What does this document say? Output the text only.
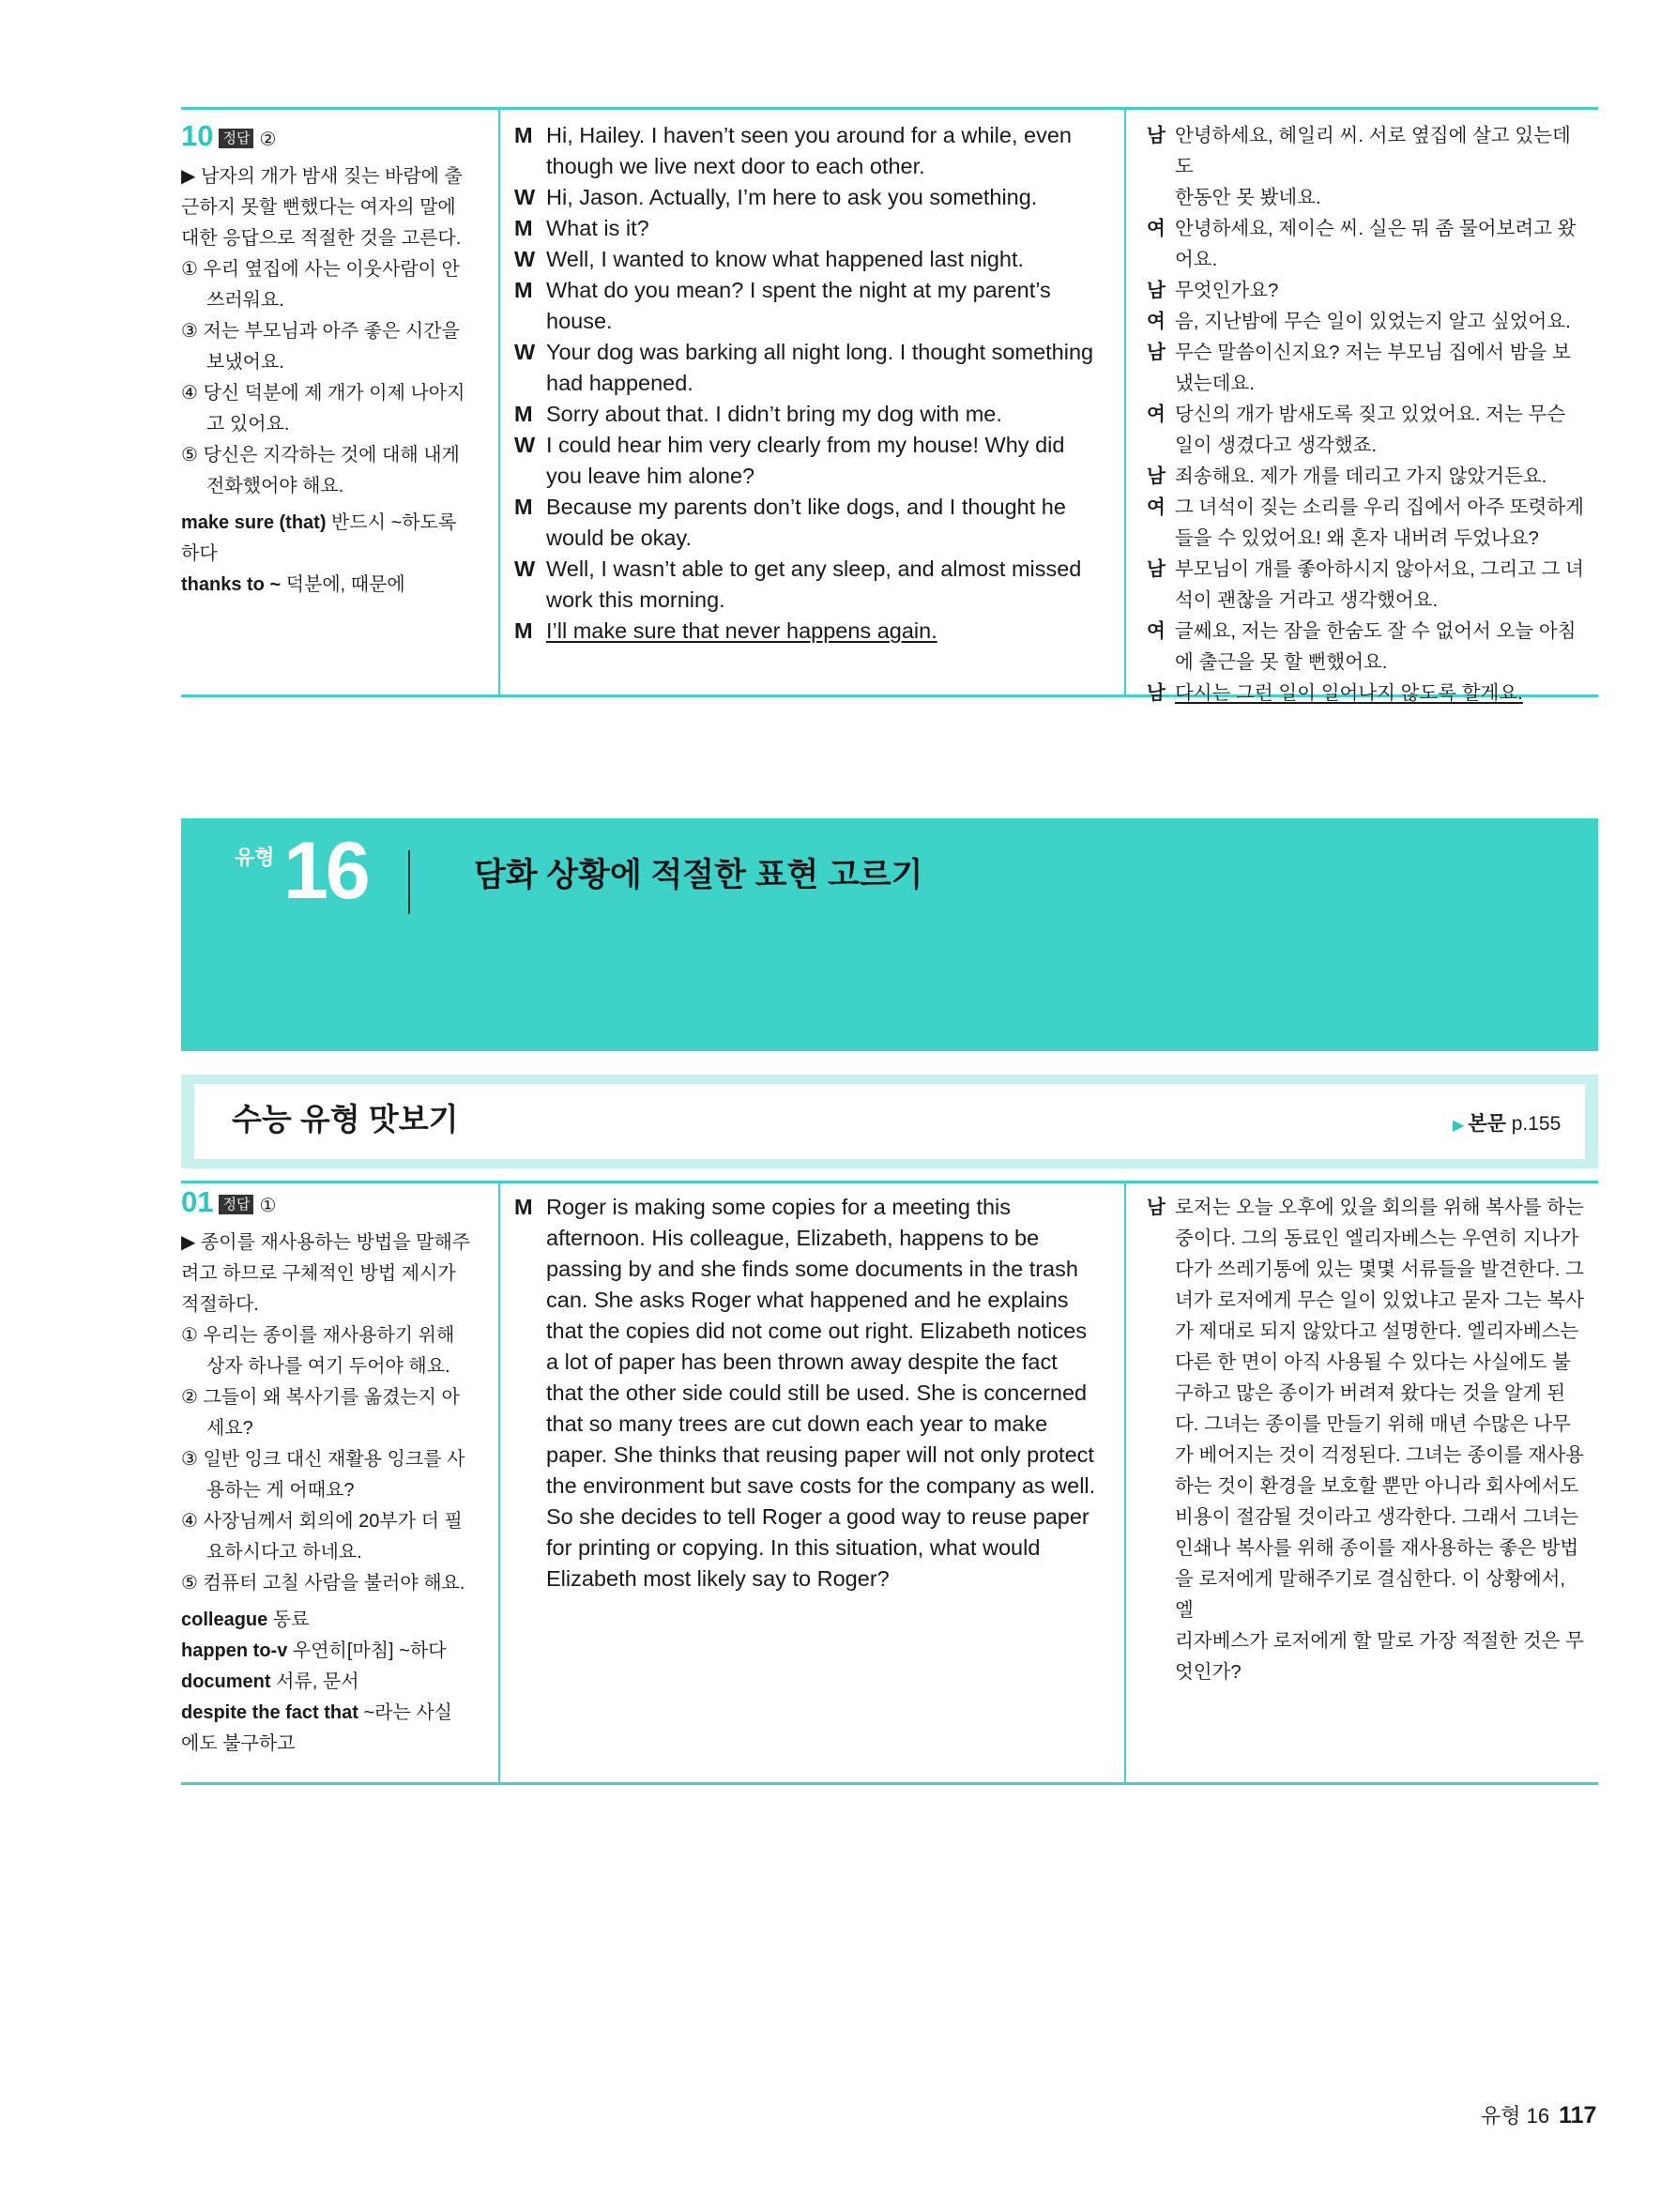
10 정답 ②
▶ 남자의 개가 밤새 짖는 바람에 출
근하지 못할 뻔했다는 여자의 말에
대한 응답으로 적절한 것을 고른다.
① 우리 옆집에 사는 이웃사람이 안
쓰러워요.
③ 저는 부모님과 아주 좋은 시간을
보냈어요.
④ 당신 덕분에 제 개가 이제 나아지
고 있어요.
⑤ 당신은 지각하는 것에 대해 내게
전화했어야 해요.
make sure (that) 반드시 ~하도록
하다
thanks to ~ 덕분에, 때문에
M Hi, Hailey. I haven’t seen you around for a while, even
though we live next door to each other.
W Hi, Jason. Actually, I’m here to ask you something.
M What is it?
W Well, I wanted to know what happened last night.
M What do you mean? I spent the night at my parent’s
house.
W Your dog was barking all night long. I thought something
had happened.
M Sorry about that. I didn’t bring my dog with me.
W I could hear him very clearly from my house! Why did
you leave him alone?
M Because my parents don’t like dogs, and I thought he
would be okay.
W Well, I wasn’t able to get any sleep, and almost missed
work this morning.
M I’ll make sure that never happens again.
남 안녕하세요, 헤일리 씨. 서로 옆집에 살고 있는데도
한동안 못 봤네요.
여 안녕하세요, 제이슨 씨. 실은 뭐 좀 물어보려고 왔
어요.
남 무엇인가요?
여 음, 지난밤에 무슨 일이 있었는지 알고 싶었어요.
남 무슨 말씀이신지요? 저는 부모님 집에서 밤을 보
냈는데요.
여 당신의 개가 밤새도록 짖고 있었어요. 저는 무슨
일이 생겼다고 생각했죠.
남 죄송해요. 제가 개를 데리고 가지 않았거든요.
여 그 녀석이 짖는 소리를 우리 집에서 아주 또렷하게
들을 수 있었어요! 왜 혼자 내버려 두었나요?
남 부모님이 개를 좋아하시지 않아서요, 그리고 그 녀
석이 괜찮을 거라고 생각했어요.
여 글쎄요, 저는 잠을 한숨도 잘 수 없어서 오늘 아침
에 출근을 못 할 뻔했어요.
남 다시는 그런 일이 일어나지 않도록 할게요.
유형 16	담화 상황에 적절한 표현 고르기
수능 유형 맛보기	▶ 본문 p.155
01 정답 ①
▶ 종이를 재사용하는 방법을 말해주
려고 하므로 구체적인 방법 제시가
적절하다.
① 우리는 종이를 재사용하기 위해
상자 하나를 여기 두어야 해요.
② 그들이 왜 복사기를 옮겼는지 아
세요?
③ 일반 잉크 대신 재활용 잉크를 사
용하는 게 어때요?
④ 사장님께서 회의에 20부가 더 필
요하시다고 하네요.
⑤ 컴퓨터 고칠 사람을 불러야 해요.
colleague 동료
happen to-v 우연히[마침] ~하다
document 서류, 문서
despite the fact that ~라는 사실
에도 불구하고
M Roger is making some copies for a meeting this
afternoon. His colleague, Elizabeth, happens to be
passing by and she finds some documents in the trash
can. She asks Roger what happened and he explains
that the copies did not come out right. Elizabeth notices
a lot of paper has been thrown away despite the fact
that the other side could still be used. She is concerned
that so many trees are cut down each year to make
paper. She thinks that reusing paper will not only protect
the environment but save costs for the company as well.
So she decides to tell Roger a good way to reuse paper
for printing or copying. In this situation, what would
Elizabeth most likely say to Roger?
남 로저는 오늘 오후에 있을 회의를 위해 복사를 하는
중이다. 그의 동료인 엘리자베스는 우연히 지나가
다가 쓰레기통에 있는 몇몇 서류들을 발견한다. 그
녀가 로저에게 무슨 일이 있었냐고 묻자 그는 복사
가 제대로 되지 않았다고 설명한다. 엘리자베스는
다른 한 면이 아직 사용될 수 있다는 사실에도 불
구하고 많은 종이가 버려져 왔다는 것을 알게 된
다. 그녀는 종이를 만들기 위해 매년 수많은 나무
가 베어지는 것이 걱정된다. 그녀는 종이를 재사용
하는 것이 환경을 보호할 뿐만 아니라 회사에서도
비용이 절감될 것이라고 생각한다. 그래서 그녀는
인쇄나 복사를 위해 종이를 재사용하는 좋은 방법
을 로저에게 말해주기로 결심한다. 이 상황에서, 엘
리자베스가 로저에게 할 말로 가장 적절한 것은 무
엇인가?
유형 16 117
